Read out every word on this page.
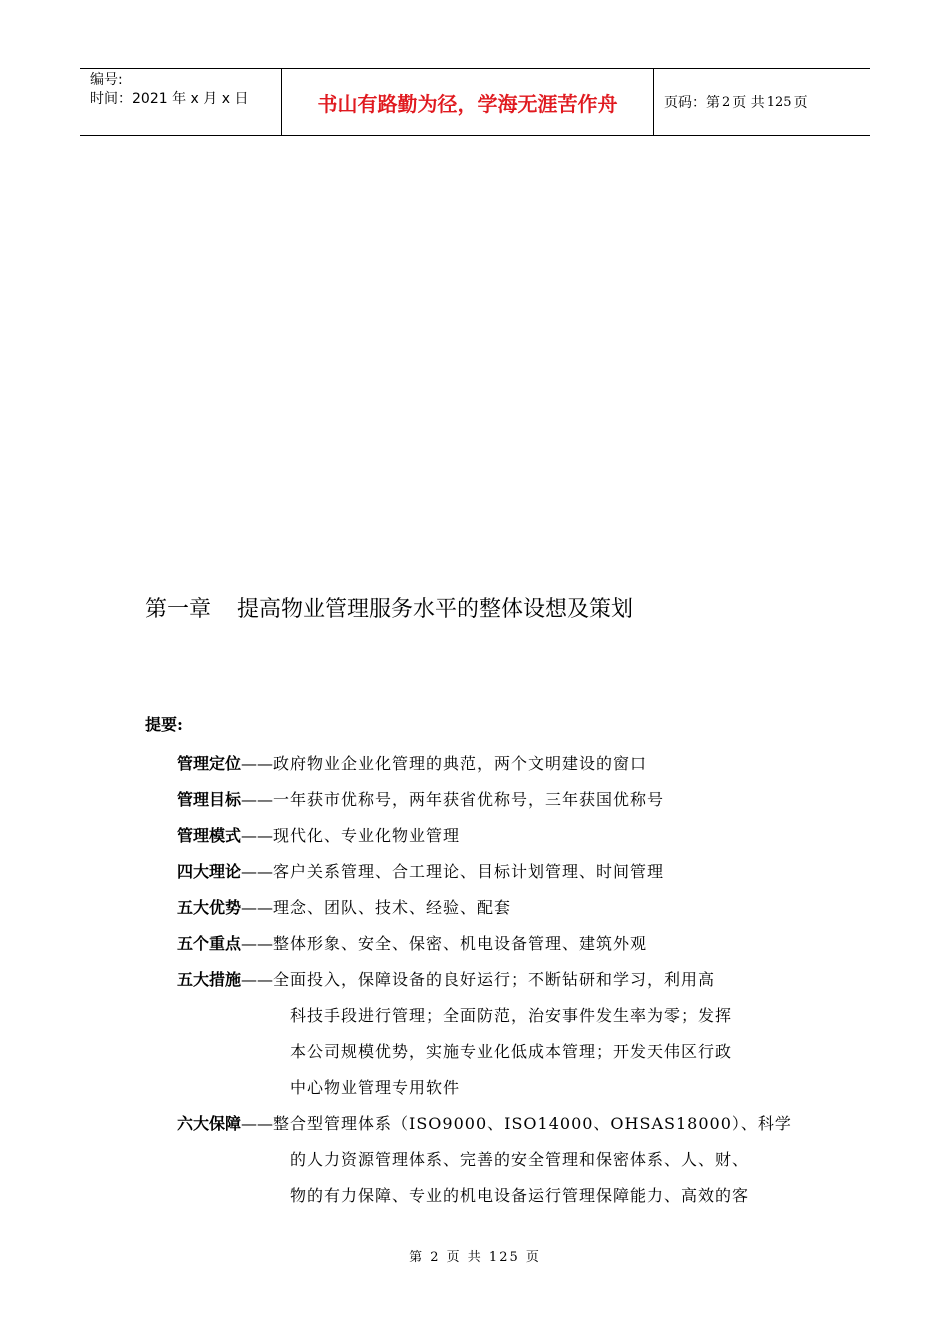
编号:
时间：2021 年 x 月 x 日	书山有路勤为径，学海无涯苦作舟	页码：第 2 页 共 125 页
第一章 提高物业管理服务水平的整体设想及策划
提要:
管理定位 —— 政府物业企业化管理的典范，两个文明建设的窗口
管理目标 —— 一年获市优称号，两年获省优称号，三年获国优称号
管理模式 —— 现代化、专业化物业管理
四大理论 —— 客户关系管理、合工理论、目标计划管理、时间管理
五大优势 —— 理念、团队、技术、经验、配套
五个重点 —— 整体形象、安全、保密、机电设备管理、建筑外观
五大措施——全面投入，保障设备的良好运行；不断钻研和学习，利用高
科技手段进行管理；全面防范，治安事件发生率为零；发挥
本公司规模优势，实施专业化低成本管理；开发天伟区行政
中心物业管理专用软件
六大保障——整合型管理体系（ISO9000、ISO14000、OHSAS18000）、科学
的人力资源管理体系、完善的安全管理和保密体系、人、财、
物的有力保障、专业的机电设备运行管理保障能力、高效的客
第 2 页 共 125 页
